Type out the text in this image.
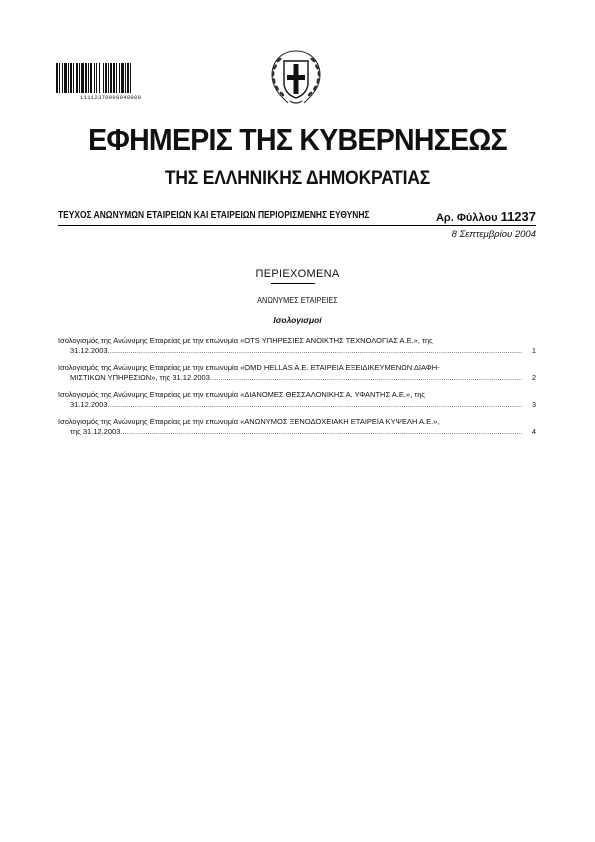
11112370009040000
ΕΦΗΜΕΡΙΣ ΤΗΣ ΚΥΒΕΡΝΗΣΕΩΣ
ΤΗΣ ΕΛΛΗΝΙΚΗΣ ΔΗΜΟΚΡΑΤΙΑΣ
ΤΕΥΧΟΣ ΑΝΩΝΥΜΩΝ ΕΤΑΙΡΕΙΩΝ ΚΑΙ ΕΤΑΙΡΕΙΩΝ ΠΕΡΙΟΡΙΣΜΕΝΗΣ ΕΥΘΥΝΗΣ	Αρ. Φύλλου 11237
8 Σεπτεμβρίου 2004
ΠΕΡΙΕΧΟΜΕΝΑ
ΑΝΩΝΥΜΕΣ ΕΤΑΙΡΕΙΕΣ
Ισολογισμοί
Ισολογισμός της Ανώνυμης Εταιρείας με την επωνυμία «OTS ΥΠΗΡΕΣΙΕΣ ΑΝΟΙΚΤΗΣ ΤΕΧΝΟΛΟΓΙΑΣ Α.Ε.», της
31.12.2003 .....	1
Ισολογισμός της Ανώνυμης Εταιρείας με την επωνυμία «OMD HELLAS A.E. ΕΤΑΙΡΕΙΑ ΕΞΕΙΔΙΚΕΥΜΕΝΩΝ ΔΙΑΦΗ-
ΜΙΣΤΙΚΩΝ ΥΠΗΡΕΣΙΩΝ», της 31.12.2003 .....	2
Ισολογισμός της Ανώνυμης Εταιρείας με την επωνυμία «ΔΙΑΝΟΜΕΣ ΘΕΣΣΑΛΟΝΙΚΗΣ Α. ΥΦΑΝΤΗΣ Α.Ε.», της
31.12.2003 .....	3
Ισολογισμός της Ανώνυμης Εταιρείας με την επωνυμία «ΑΝΩΝΥΜΟΣ ΞΕΝΟΔΟΧΕΙΑΚΗ ΕΤΑΙΡΕΙΑ ΚΥΨΕΛΗ Α.Ε.»,
της 31.12.2003 .....	4
